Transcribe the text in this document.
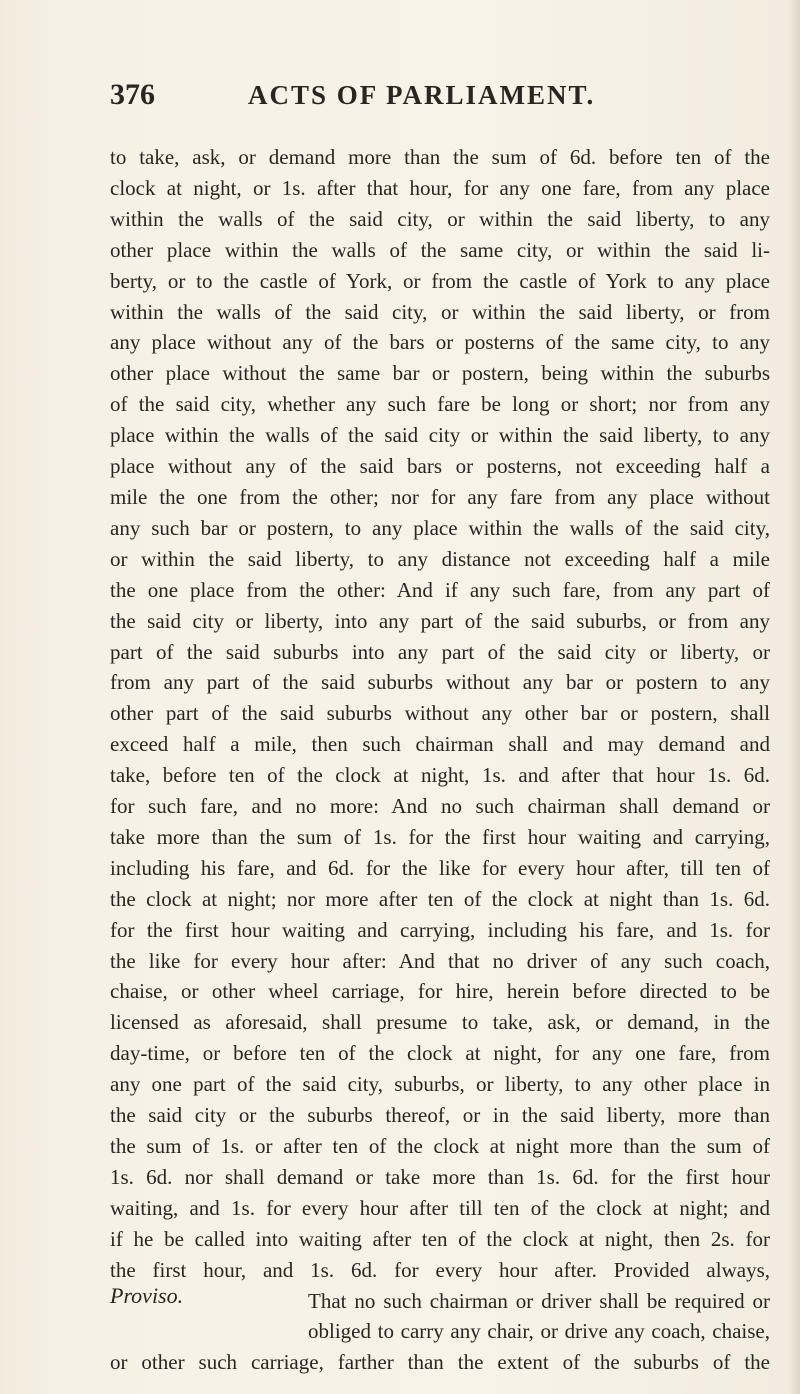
376	ACTS OF PARLIAMENT.
to take, ask, or demand more than the sum of 6d. before ten of the
clock at night, or 1s. after that hour, for any one fare, from any place
within the walls of the said city, or within the said liberty, to any
other place within the walls of the same city, or within the said li-
berty, or to the castle of York, or from the castle of York to any place
within the walls of the said city, or within the said liberty, or from
any place without any of the bars or posterns of the same city, to any
other place without the same bar or postern, being within the suburbs
of the said city, whether any such fare be long or short; nor from any
place within the walls of the said city or within the said liberty, to any
place without any of the said bars or posterns, not exceeding half a
mile the one from the other; nor for any fare from any place without
any such bar or postern, to any place within the walls of the said city,
or within the said liberty, to any distance not exceeding half a mile
the one place from the other: And if any such fare, from any part of
the said city or liberty, into any part of the said suburbs, or from any
part of the said suburbs into any part of the said city or liberty, or
from any part of the said suburbs without any bar or postern to any
other part of the said suburbs without any other bar or postern, shall
exceed half a mile, then such chairman shall and may demand and
take, before ten of the clock at night, 1s. and after that hour 1s. 6d.
for such fare, and no more: And no such chairman shall demand or
take more than the sum of 1s. for the first hour waiting and carrying,
including his fare, and 6d. for the like for every hour after, till ten of
the clock at night; nor more after ten of the clock at night than 1s. 6d.
for the first hour waiting and carrying, including his fare, and 1s. for
the like for every hour after: And that no driver of any such coach,
chaise, or other wheel carriage, for hire, herein before directed to be
licensed as aforesaid, shall presume to take, ask, or demand, in the
day-time, or before ten of the clock at night, for any one fare, from
any one part of the said city, suburbs, or liberty, to any other place in
the said city or the suburbs thereof, or in the said liberty, more than
the sum of 1s. or after ten of the clock at night more than the sum of
1s. 6d. nor shall demand or take more than 1s. 6d. for the first hour
waiting, and 1s. for every hour after till ten of the clock at night; and
if he be called into waiting after ten of the clock at night, then 2s. for
the first hour, and 1s. 6d. for every hour after. Provided always,
That no such chairman or driver shall be required or
obliged to carry any chair, or drive any coach, chaise,
or other such carriage, farther than the extent of the suburbs of the
Proviso.
